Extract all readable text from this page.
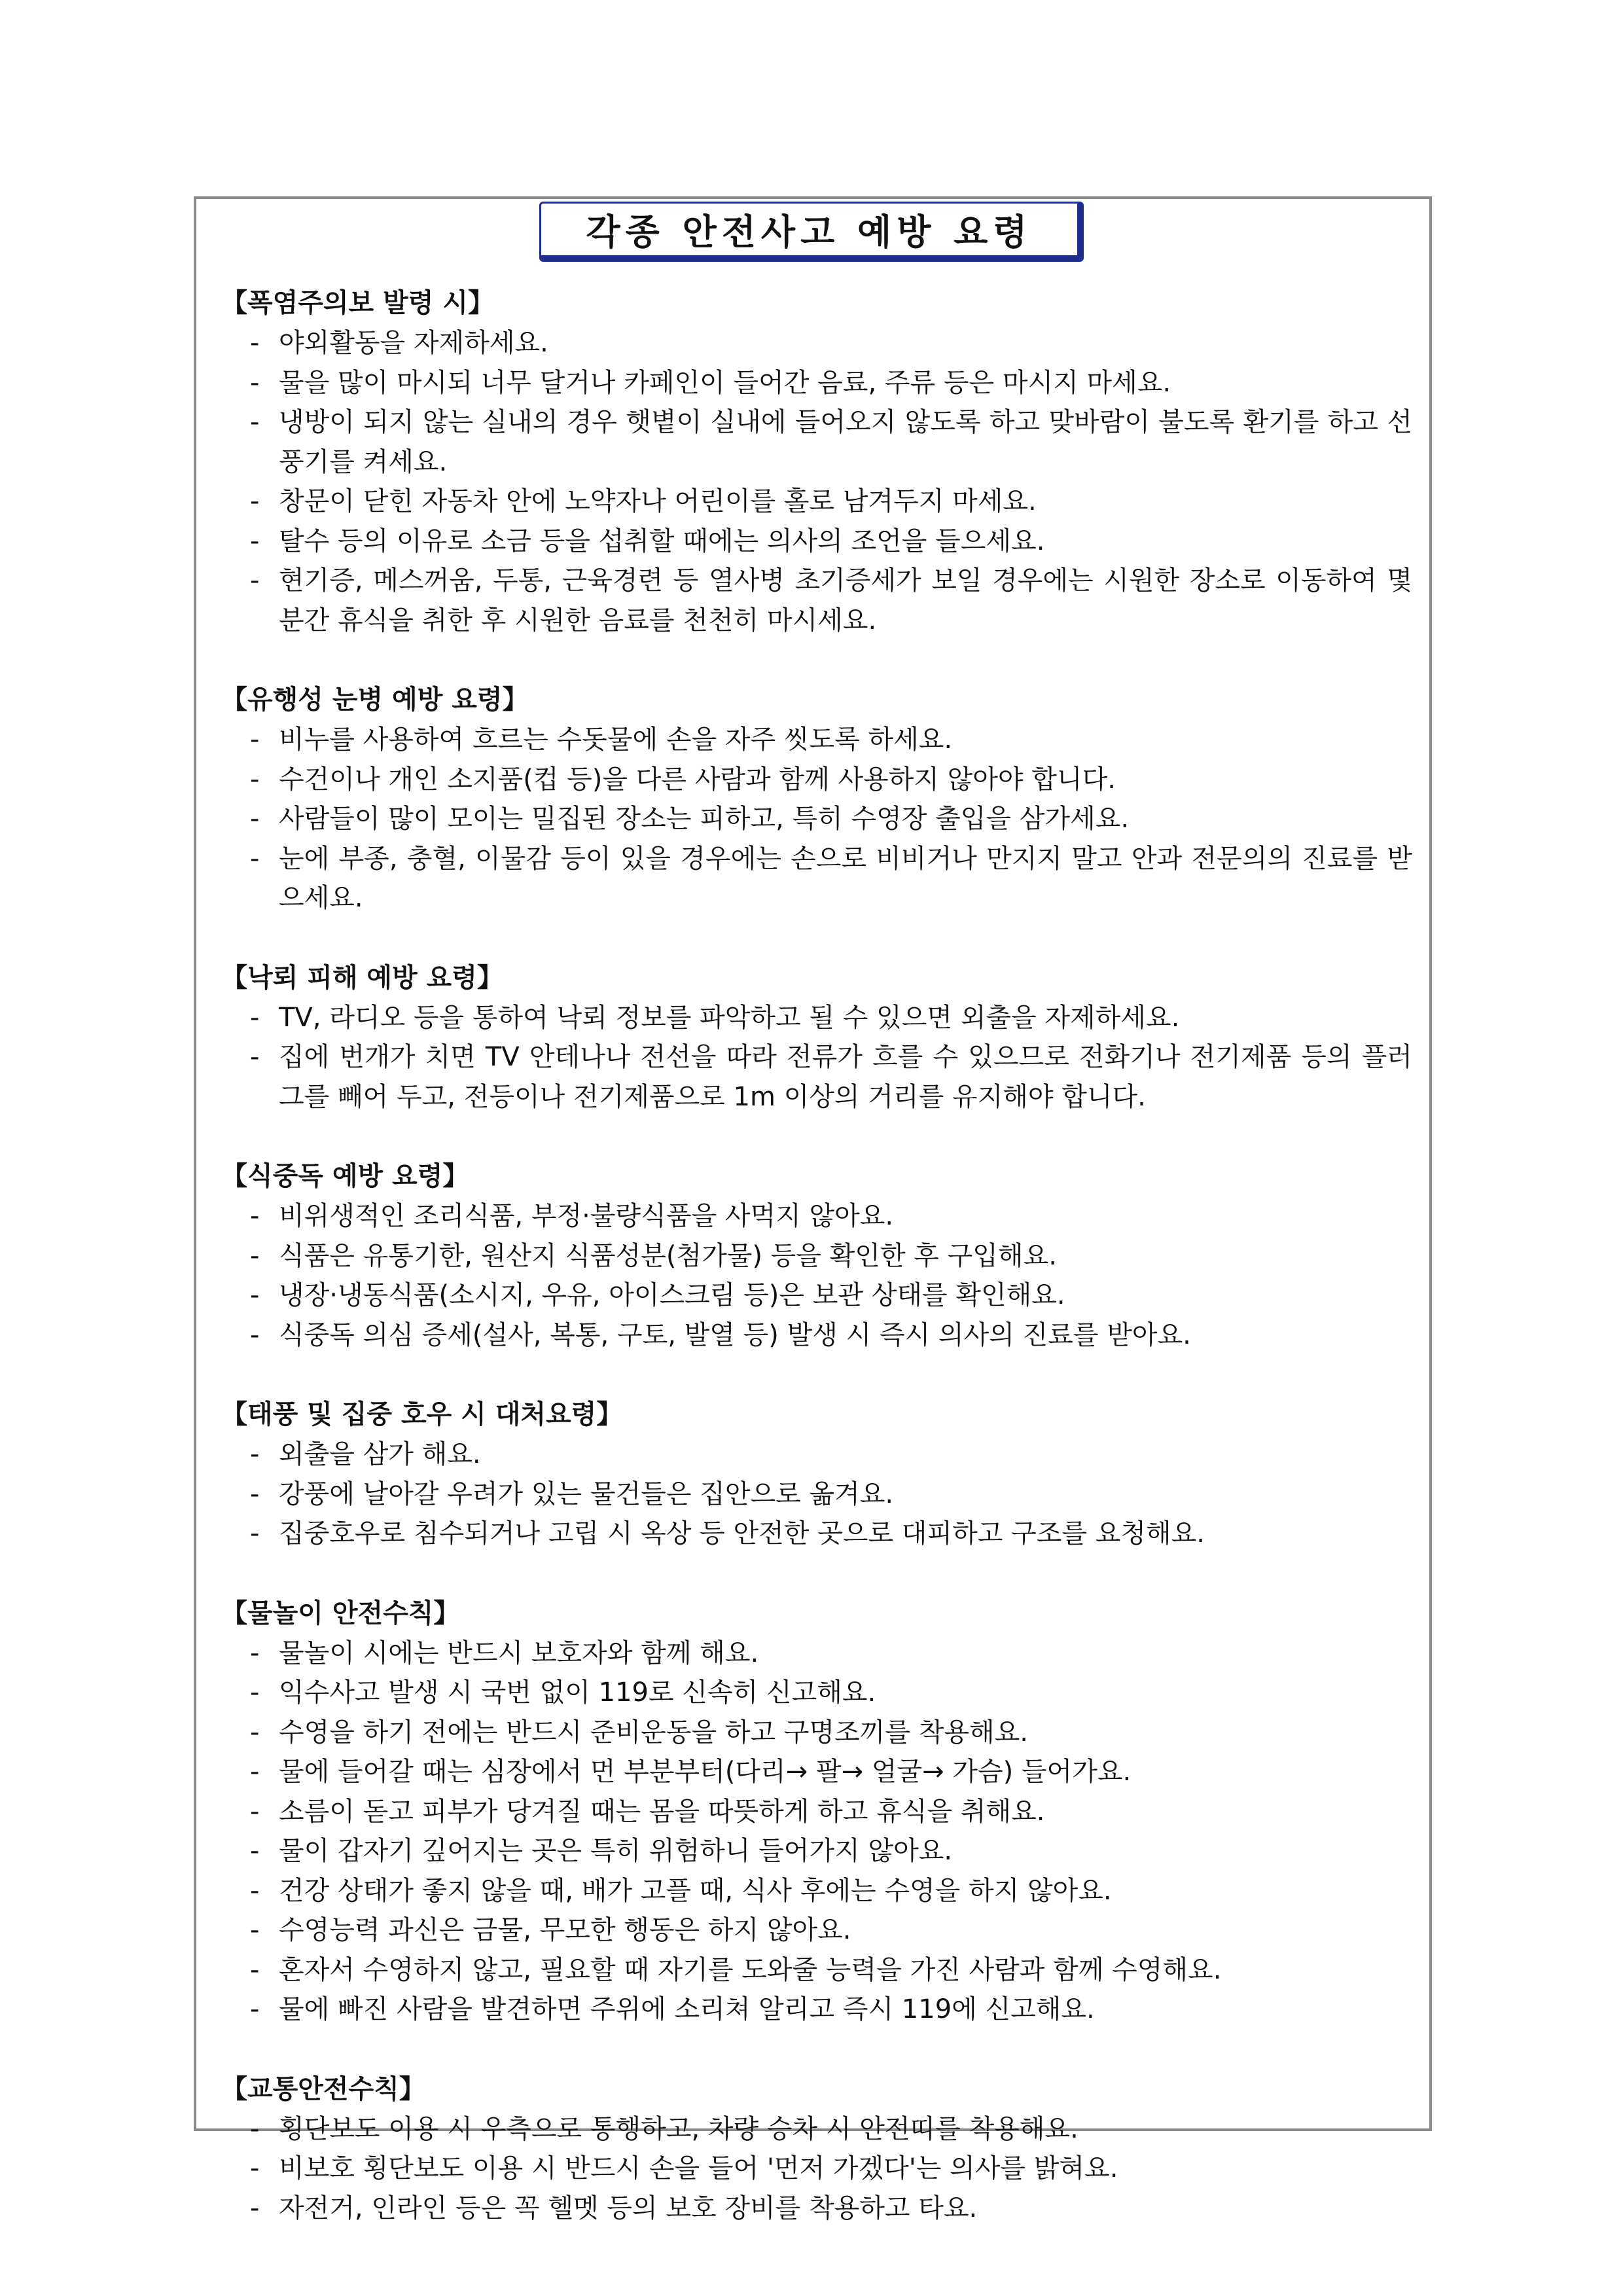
각종 안전사고 예방 요령
【폭염주의보 발령 시】
- 야외활동을 자제하세요.
- 물을 많이 마시되 너무 달거나 카페인이 들어간 음료, 주류 등은 마시지 마세요.
- 냉방이 되지 않는 실내의 경우 햇볕이 실내에 들어오지 않도록 하고 맞바람이 불도록 환기를 하고 선풍기를 켜세요.
- 창문이 닫힌 자동차 안에 노약자나 어린이를 홀로 남겨두지 마세요.
- 탈수 등의 이유로 소금 등을 섭취할 때에는 의사의 조언을 들으세요.
- 현기증, 메스꺼움, 두통, 근육경련 등 열사병 초기증세가 보일 경우에는 시원한 장소로 이동하여 몇 분간 휴식을 취한 후 시원한 음료를 천천히 마시세요.
【유행성 눈병 예방 요령】
- 비누를 사용하여 흐르는 수돗물에 손을 자주 씻도록 하세요.
- 수건이나 개인 소지품(컵 등)을 다른 사람과 함께 사용하지 않아야 합니다.
- 사람들이 많이 모이는 밀집된 장소는 피하고, 특히 수영장 출입을 삼가세요.
- 눈에 부종, 충혈, 이물감 등이 있을 경우에는 손으로 비비거나 만지지 말고 안과 전문의의 진료를 받으세요.
【낙뢰 피해 예방 요령】
- TV, 라디오 등을 통하여 낙뢰 정보를 파악하고 될 수 있으면 외출을 자제하세요.
- 집에 번개가 치면 TV 안테나나 전선을 따라 전류가 흐를 수 있으므로 전화기나 전기제품 등의 플러그를 빼어 두고, 전등이나 전기제품으로 1m 이상의 거리를 유지해야 합니다.
【식중독 예방 요령】
- 비위생적인 조리식품, 부정·불량식품을 사먹지 않아요.
- 식품은 유통기한, 원산지 식품성분(첨가물) 등을 확인한 후 구입해요.
- 냉장·냉동식품(소시지, 우유, 아이스크림 등)은 보관 상태를 확인해요.
- 식중독 의심 증세(설사, 복통, 구토, 발열 등) 발생 시 즉시 의사의 진료를 받아요.
【태풍 및 집중 호우 시 대처요령】
- 외출을 삼가 해요.
- 강풍에 날아갈 우려가 있는 물건들은 집안으로 옮겨요.
- 집중호우로 침수되거나 고립 시 옥상 등 안전한 곳으로 대피하고 구조를 요청해요.
【물놀이 안전수칙】
- 물놀이 시에는 반드시 보호자와 함께 해요.
- 익수사고 발생 시 국번 없이 119로 신속히 신고해요.
- 수영을 하기 전에는 반드시 준비운동을 하고 구명조끼를 착용해요.
- 물에 들어갈 때는 심장에서 먼 부분부터(다리→ 팔→ 얼굴→ 가슴) 들어가요.
- 소름이 돋고 피부가 당겨질 때는 몸을 따뜻하게 하고 휴식을 취해요.
- 물이 갑자기 깊어지는 곳은 특히 위험하니 들어가지 않아요.
- 건강 상태가 좋지 않을 때, 배가 고플 때, 식사 후에는 수영을 하지 않아요.
- 수영능력 과신은 금물, 무모한 행동은 하지 않아요.
- 혼자서 수영하지 않고, 필요할 때 자기를 도와줄 능력을 가진 사람과 함께 수영해요.
- 물에 빠진 사람을 발견하면 주위에 소리쳐 알리고 즉시 119에 신고해요.
【교통안전수칙】
- 횡단보도 이용 시 우측으로 통행하고, 차량 승차 시 안전띠를 착용해요.
- 비보호 횡단보도 이용 시 반드시 손을 들어 '먼저 가겠다'는 의사를 밝혀요.
- 자전거, 인라인 등은 꼭 헬멧 등의 보호 장비를 착용하고 타요.
